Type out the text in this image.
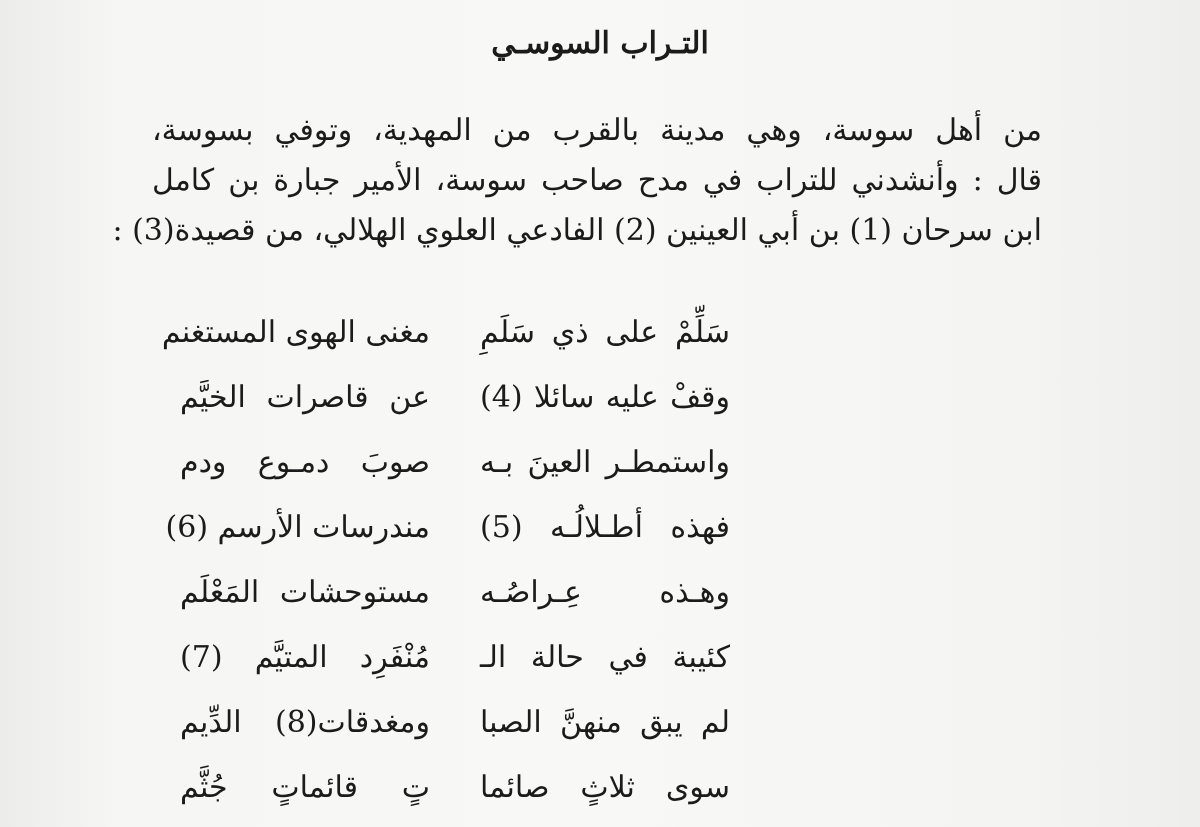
التـراب السوسـي
من أهل سوسة، وهي مدينة بالقرب من المهدية، وتوفي بسوسة،
قال : وأنشدني للتراب في مدح صاحب سوسة، الأمير جبارة بن كامل
ابن سرحان (1) بن أبي العينين (2) الفادعي العلوي الهلالي، من قصيدة(3) :
سَلِّمْ على ذي سَلَمِ
مغنى الهوى المستغنم
وقفْ عليه سائلا (4)
عن قاصرات الخيَّم
واستمطـر العينَ بـه
صوبَ دمـوع ودم
فهذه أطـلالُـه (5)
مندرسات الأرسم (6)
وهـذه عِـراصُـه
مستوحشات المَعْلَم
كئيبة في حالة الـ
مُنْفَرِد المتيَّم (7)
لم يبق منهنَّ الصبا
ومغدقات(8) الدِّيم
سوى ثلاثٍ صائما
تٍ قائماتٍ جُثَّم
